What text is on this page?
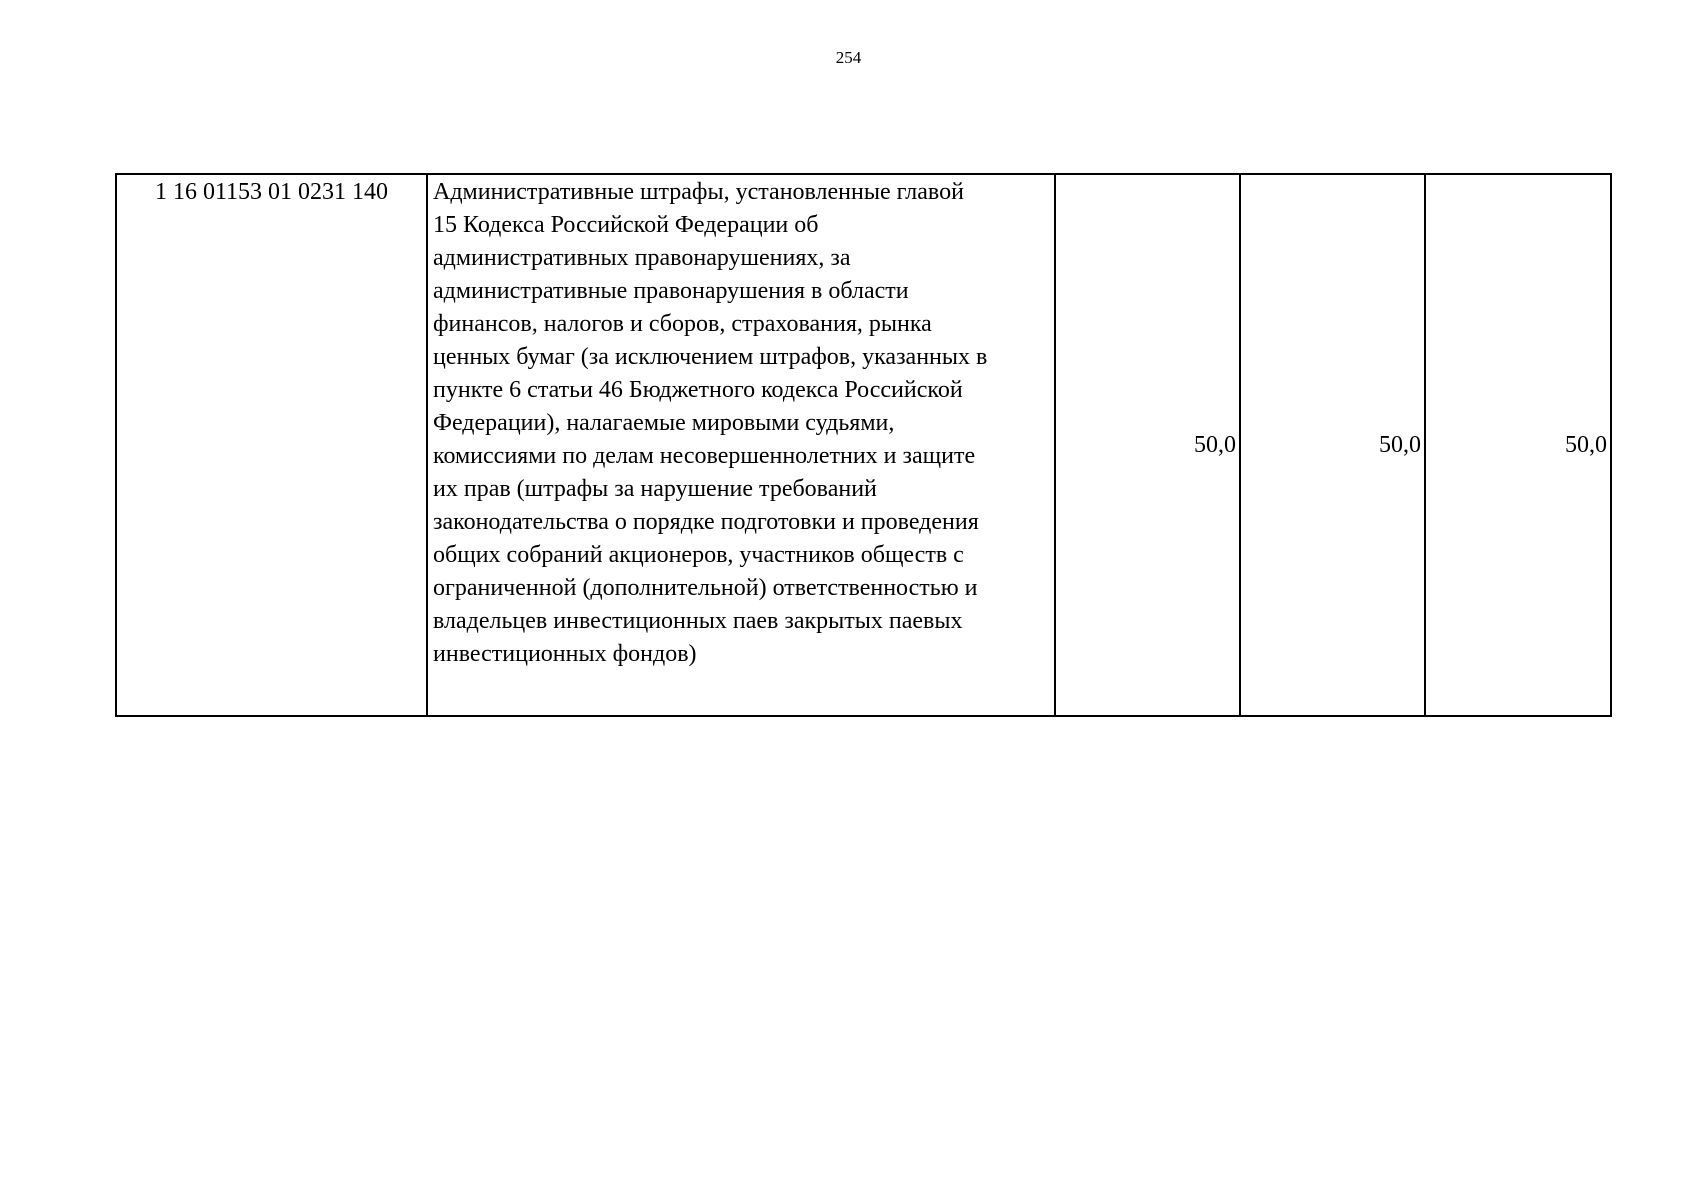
254
1 16 01153 01 0231 140	Административные штрафы, установленные главой
15 Кодекса Российской Федерации об
административных правонарушениях, за
административные правонарушения в области
финансов, налогов и сборов, страхования, рынка
ценных бумаг (за исключением штрафов, указанных в
пункте 6 статьи 46 Бюджетного кодекса Российской
Федерации), налагаемые мировыми судьями,
комиссиями по делам несовершеннолетних и защите
их прав (штрафы за нарушение требований
законодательства о порядке подготовки и проведения
общих собраний акционеров, участников обществ с
ограниченной (дополнительной) ответственностью и
владельцев инвестиционных паев закрытых паевых
инвестиционных фондов)	50,0	50,0	50,0
